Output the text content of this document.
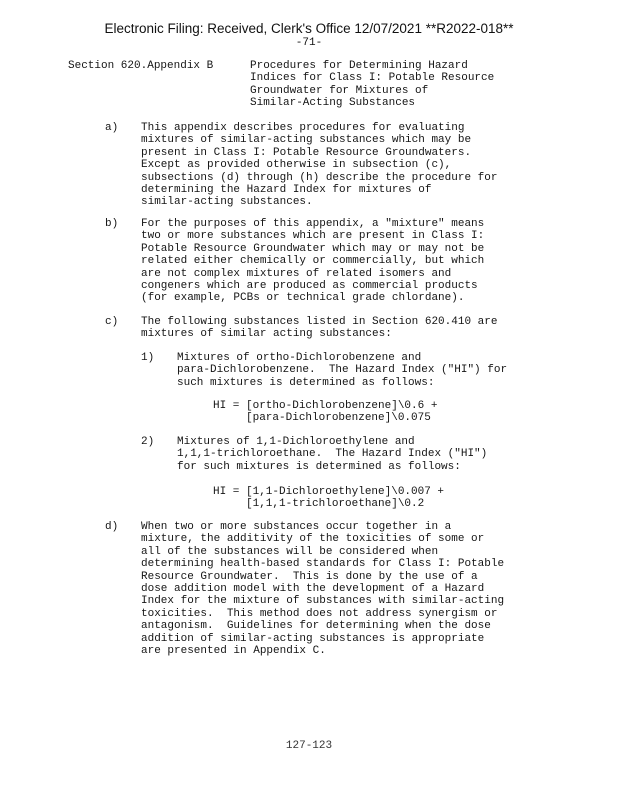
Electronic Filing: Received, Clerk's Office 12/07/2021 **R2022-018**
-71-
Section 620.Appendix B	Procedures for Determining Hazard
Indices for Class I: Potable Resource
Groundwater for Mixtures of
Similar-Acting Substances
a) This appendix describes procedures for evaluating
mixtures of similar-acting substances which may be
present in Class I: Potable Resource Groundwaters.
Except as provided otherwise in subsection (c),
subsections (d) through (h) describe the procedure for
determining the Hazard Index for mixtures of
similar-acting substances.
b) For the purposes of this appendix, a "mixture" means
two or more substances which are present in Class I:
Potable Resource Groundwater which may or may not be
related either chemically or commercially, but which
are not complex mixtures of related isomers and
congeners which are produced as commercial products
(for example, PCBs or technical grade chlordane).
c) The following substances listed in Section 620.410 are
mixtures of similar acting substances:
1) Mixtures of ortho-Dichlorobenzene and
para-Dichlorobenzene.  The Hazard Index ("HI") for
such mixtures is determined as follows:
HI = [ortho-Dichlorobenzene]\0.6 +
[para-Dichlorobenzene]\0.075
2) Mixtures of 1,1-Dichloroethylene and
1,1,1-trichloroethane.  The Hazard Index ("HI")
for such mixtures is determined as follows:
HI = [1,1-Dichloroethylene]\0.007 +
[1,1,1-trichloroethane]\0.2
d) When two or more substances occur together in a
mixture, the additivity of the toxicities of some or
all of the substances will be considered when
determining health-based standards for Class I: Potable
Resource Groundwater.  This is done by the use of a
dose addition model with the development of a Hazard
Index for the mixture of substances with similar-acting
toxicities.  This method does not address synergism or
antagonism.  Guidelines for determining when the dose
addition of similar-acting substances is appropriate
are presented in Appendix C.
127-123
